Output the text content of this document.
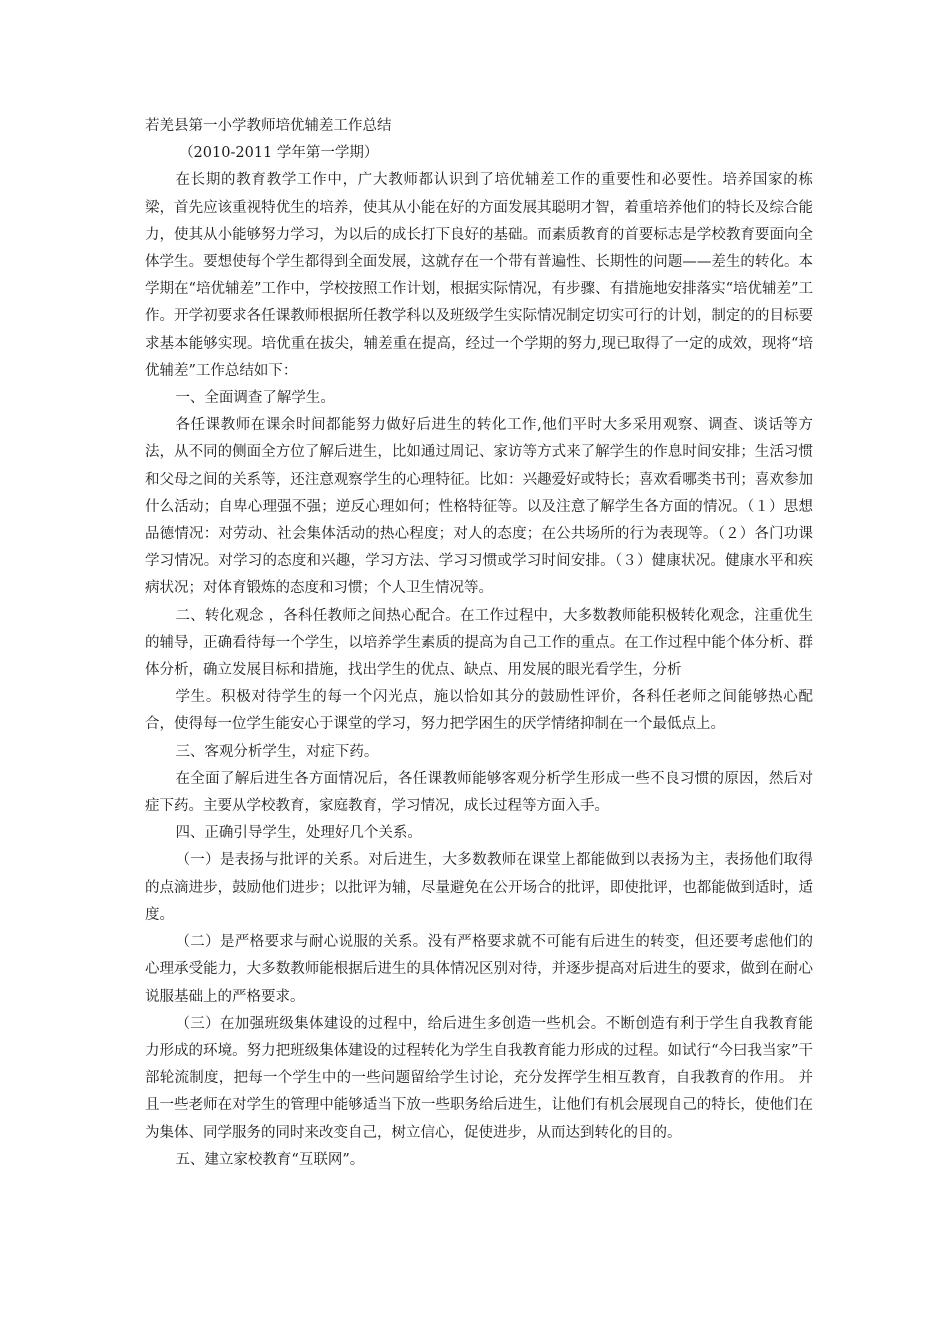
若羌县第一小学教师培优辅差工作总结

（2010-2011 学年第一学期）

在长期的教育教学工作中，广大教师都认识到了培优辅差工作的重要性和必要性。培养国家的栋梁，首先应该重视特优生的培养，使其从小能在好的方面发展其聪明才智，着重培养他们的特长及综合能力，使其从小能够努力学习，为以后的成长打下良好的基础。而素质教育的首要标志是学校教育要面向全体学生。要想使每个学生都得到全面发展，这就存在一个带有普遍性、长期性的问题——差生的转化。本学期在“培优辅差”工作中，学校按照工作计划，根据实际情况，有步骤、有措施地安排落实“培优辅差”工作。开学初要求各任课教师根据所任教学科以及班级学生实际情况制定切实可行的计划，制定的的目标要求基本能够实现。培优重在拔尖，辅差重在提高，经过一个学期的努力,现已取得了一定的成效，现将“培优辅差”工作总结如下：

一、全面调查了解学生。

各任课教师在课余时间都能努力做好后进生的转化工作,他们平时大多采用观察、调查、谈话等方法，从不同的侧面全方位了解后进生，比如通过周记、家访等方式来了解学生的作息时间安排；生活习惯和父母之间的关系等，还注意观察学生的心理特征。比如：兴趣爱好或特长；喜欢看哪类书刊；喜欢参加什么活动；自卑心理强不强；逆反心理如何；性格特征等。以及注意了解学生各方面的情况。（１）思想品德情况：对劳动、社会集体活动的热心程度；对人的态度；在公共场所的行为表现等。（２）各门功课学习情况。对学习的态度和兴趣，学习方法、学习习惯或学习时间安排。（３）健康状况。健康水平和疾病状况；对体育锻炼的态度和习惯；个人卫生情况等。

二、转化观念 ，各科任教师之间热心配合。在工作过程中，大多数教师能积极转化观念，注重优生的辅导，正确看待每一个学生，以培养学生素质的提高为自己工作的重点。在工作过程中能个体分析、群体分析，确立发展目标和措施，找出学生的优点、缺点、用发展的眼光看学生，分析

学生。积极对待学生的每一个闪光点，施以恰如其分的鼓励性评价，各科任老师之间能够热心配合，使得每一位学生能安心于课堂的学习，努力把学困生的厌学情绪抑制在一个最低点上。

三、客观分析学生，对症下药。

在全面了解后进生各方面情况后，各任课教师能够客观分析学生形成一些不良习惯的原因，然后对症下药。主要从学校教育，家庭教育，学习情况，成长过程等方面入手。

四、正确引导学生，处理好几个关系。

（一）是表扬与批评的关系。对后进生，大多数教师在课堂上都能做到以表扬为主，表扬他们取得的点滴进步，鼓励他们进步；以批评为辅，尽量避免在公开场合的批评，即使批评，也都能做到适时，适度。

（二）是严格要求与耐心说服的关系。没有严格要求就不可能有后进生的转变，但还要考虑他们的心理承受能力，大多数教师能根据后进生的具体情况区别对待，并逐步提高对后进生的要求，做到在耐心说服基础上的严格要求。

（三）在加强班级集体建设的过程中，给后进生多创造一些机会。不断创造有利于学生自我教育能力形成的环境。努力把班级集体建设的过程转化为学生自我教育能力形成的过程。如试行“今曰我当家”干部轮流制度，把每一个学生中的一些问题留给学生讨论，充分发挥学生相互教育，自我教育的作用。 并且一些老师在对学生的管理中能够适当下放一些职务给后进生，让他们有机会展现自己的特长，使他们在为集体、同学服务的同时来改变自己，树立信心，促使进步，从而达到转化的目的。

五、建立家校教育“互联网”。
